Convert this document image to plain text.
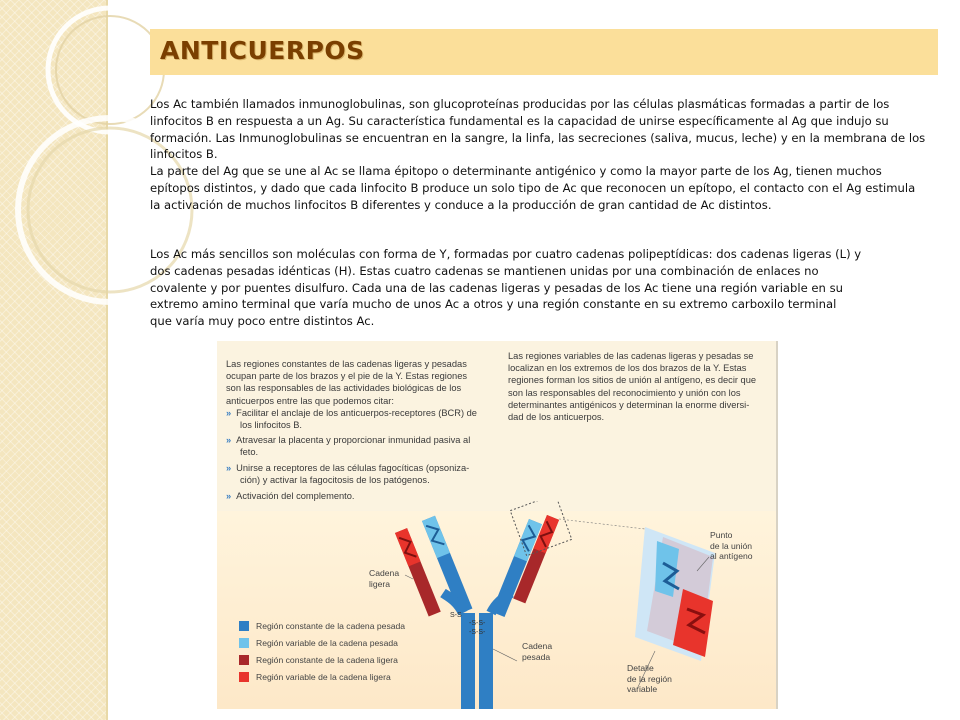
ANTICUERPOS
Los Ac también llamados inmunoglobulinas, son glucoproteínas producidas por las células plasmáticas formadas a partir de los
linfocitos B en respuesta a un Ag. Su característica fundamental es la capacidad de unirse específicamente al Ag que indujo su
formación. Las Inmunoglobulinas se encuentran en la sangre, la linfa, las secreciones (saliva, mucus, leche) y en la membrana de los
linfocitos B.
La parte del Ag que se une al Ac se llama épitopo o determinante antigénico y como la mayor parte de los Ag, tienen muchos
epítopos distintos, y dado que cada linfocito B produce un solo tipo de Ac que reconocen un epítopo, el contacto con el Ag estimula
la activación de muchos linfocitos B diferentes y conduce a la producción de gran cantidad de Ac distintos.
Los Ac más sencillos son moléculas con forma de Y, formadas por cuatro cadenas polipeptídicas: dos cadenas ligeras (L) y
dos cadenas pesadas idénticas (H). Estas cuatro cadenas se mantienen unidas por una combinación de enlaces no
covalente y por puentes disulfuro. Cada una de las cadenas ligeras y pesadas de los Ac tiene una región variable en su
extremo amino terminal que varía mucho de unos Ac a otros y una región constante en su extremo carboxilo terminal
que varía muy poco entre distintos Ac.
Las regiones constantes de las cadenas ligeras y pesadas
ocupan parte de los brazos y el pie de la Y. Estas regiones
son las responsables de las actividades biológicas de los
anticuerpos entre las que podemos citar:
» Facilitar el anclaje de los anticuerpos-receptores (BCR) de
los linfocitos B.
» Atravesar la placenta y proporcionar inmunidad pasiva al
feto.
» Unirse a receptores de las células fagocíticas (opsoniza-
ción) y activar la fagocitosis de los patógenos.
» Activación del complemento.
Las regiones variables de las cadenas ligeras y pesadas se
localizan en los extremos de los dos brazos de la Y. Estas
regiones forman los sitios de unión al antígeno, es decir que
son las responsables del reconocimiento y unión con los
determinantes antigénicos y determinan la enorme diversi-
dad de los anticuerpos.
S-S
-S-S-
-S-S-
Cadena
ligera
Cadena
pesada
Punto
de la unión
al antígeno
Detalle
de la región
variable
Región constante de la cadena pesada
Región variable de la cadena pesada
Región constante de la cadena ligera
Región variable de la cadena ligera
